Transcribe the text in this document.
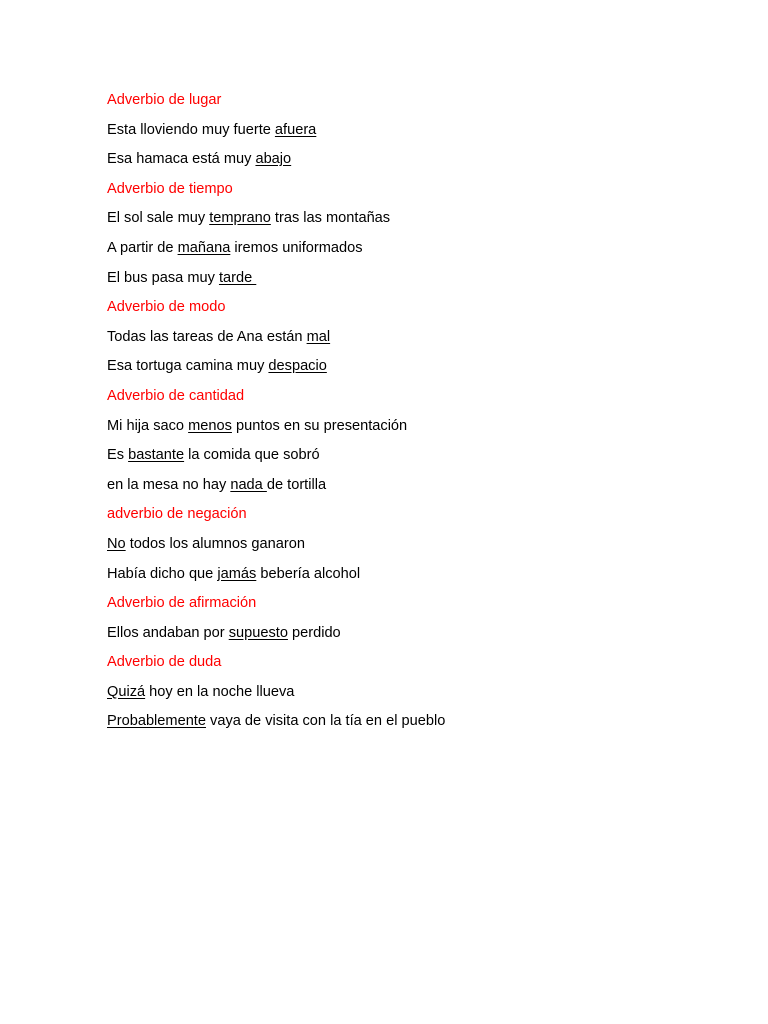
Adverbio de lugar
Esta lloviendo muy fuerte afuera
Esa hamaca está muy abajo
Adverbio de tiempo
El sol sale muy temprano tras las montañas
A partir de mañana iremos uniformados
El bus pasa muy tarde
Adverbio de modo
Todas las tareas de Ana están mal
Esa tortuga camina muy despacio
Adverbio de cantidad
Mi hija saco menos puntos en su presentación
Es bastante la comida que sobró
en la mesa no hay nada de tortilla
adverbio de negación
No todos los alumnos ganaron
Había dicho que jamás bebería alcohol
Adverbio de afirmación
Ellos andaban por supuesto perdido
Adverbio de duda
Quizá hoy en la noche llueva
Probablemente vaya de visita con la tía en el pueblo
